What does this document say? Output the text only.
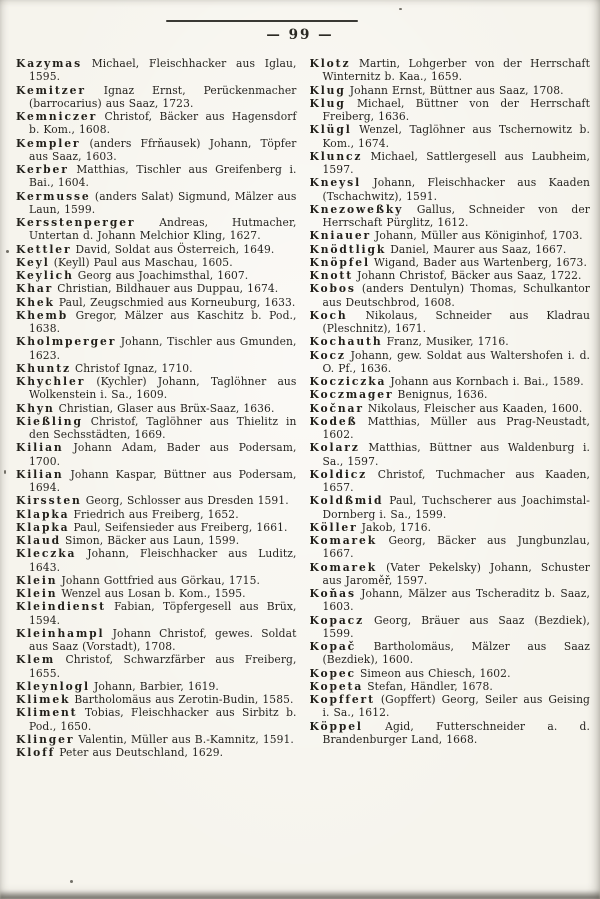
— 99 —

Kazymas Michael, Fleischhacker aus Iglau, 1595.

Kemitzer Ignaz Ernst, Perückenmacher (barrocarius) aus Saaz, 1723.

Kemniczer Christof, Bäcker aus Hagensdorf b. Kom., 1608.

Kempler (anders Ffrňausek) Johann, Töpfer aus Saaz, 1603.

Kerber Matthias, Tischler aus Greifenberg i. Bai., 1604.

Kermusse (anders Salat) Sigmund, Mälzer aus Laun, 1599.

Kersstenperger Andreas, Hutmacher, Untertan d. Johann Melchior Kling, 1627.

Kettler David, Soldat aus Österreich, 1649.

Keyl (Keyll) Paul aus Maschau, 1605.

Keylich Georg aus Joachimsthal, 1607.

Khar Christian, Bildhauer aus Duppau, 1674.

Khek Paul, Zeugschmied aus Korneuburg, 1633.

Khemb Gregor, Mälzer aus Kaschitz b. Pod., 1638.

Kholmperger Johann, Tischler aus Gmunden, 1623.

Khuntz Christof Ignaz, 1710.

Khychler (Kychler) Johann, Taglöhner aus Wolkenstein i. Sa., 1609.

Khyn Christian, Glaser aus Brüx-Saaz, 1636.

Kießling Christof, Taglöhner aus Thielitz in den Sechsstädten, 1669.

Kilian Johann Adam, Bader aus Podersam, 1700.

Kilian Johann Kaspar, Büttner aus Podersam, 1694.

Kirssten Georg, Schlosser aus Dresden 1591.

Klapka Friedrich aus Freiberg, 1652.

Klapka Paul, Seifensieder aus Freiberg, 1661.

Klaud Simon, Bäcker aus Laun, 1599.

Kleczka Johann, Fleischhacker aus Luditz, 1643.

Klein Johann Gottfried aus Görkau, 1715.

Klein Wenzel aus Losan b. Kom., 1595.

Kleindienst Fabian, Töpfergesell aus Brüx, 1594.

Kleinhampl Johann Christof, gewes. Soldat aus Saaz (Vorstadt), 1708.

Klem Christof, Schwarzfärber aus Freiberg, 1655.

Kleynlogl Johann, Barbier, 1619.

Klimek Bartholomäus aus Zerotin-Budin, 1585.

Kliment Tobias, Fleischhacker aus Sirbitz b. Pod., 1650.

Klinger Valentin, Müller aus B.-Kamnitz, 1591.

Kloff Peter aus Deutschland, 1629.

Klotz Martin, Lohgerber von der Herrschaft Winternitz b. Kaa., 1659.

Klug Johann Ernst, Büttner aus Saaz, 1708.

Klug Michael, Büttner von der Herrschaft Freiberg, 1636.

Klügl Wenzel, Taglöhner aus Tschernowitz b. Kom., 1674.

Kluncz Michael, Sattlergesell aus Laubheim, 1597.

Kneysl Johann, Fleischhacker aus Kaaden (Tschachwitz), 1591.

Knezoweßky Gallus, Schneider von der Herrschaft Pürglitz, 1612.

Kniauer Johann, Müller aus Königinhof, 1703.

Knödtligk Daniel, Maurer aus Saaz, 1667.

Knöpfel Wigand, Bader aus Wartenberg, 1673.

Knott Johann Christof, Bäcker aus Saaz, 1722.

Kobos (anders Dentulyn) Thomas, Schulkantor aus Deutschbrod, 1608.

Koch Nikolaus, Schneider aus Kladrau (Pleschnitz), 1671.

Kochauth Franz, Musiker, 1716.

Kocz Johann, gew. Soldat aus Waltershofen i. d. O. Pf., 1636.

Kocziczka Johann aus Kornbach i. Bai., 1589.

Koczmager Benignus, 1636.

Kočnar Nikolaus, Fleischer aus Kaaden, 1600.

Kodeß Matthias, Müller aus Prag-Neustadt, 1602.

Kolarz Matthias, Büttner aus Waldenburg i. Sa., 1597.

Koldicz Christof, Tuchmacher aus Kaaden, 1657.

Koldßmid Paul, Tuchscherer aus Joachimstal-Dornberg i. Sa., 1599.

Köller Jakob, 1716.

Komarek Georg, Bäcker aus Jungbunzlau, 1667.

Komarek (Vater Pekelsky) Johann, Schuster aus Jaroměř, 1597.

Koňas Johann, Mälzer aus Tscheraditz b. Saaz, 1603.

Kopacz Georg, Bräuer aus Saaz (Bezdiek), 1599.

Kopač Bartholomäus, Mälzer aus Saaz (Bezdiek), 1600.

Kopec Simeon aus Chiesch, 1602.

Kopeta Stefan, Händler, 1678.

Kopffert (Gopffert) Georg, Seiler aus Geising i. Sa., 1612.

Köppel Agid, Futterschneider a. d. Brandenburger Land, 1668.
